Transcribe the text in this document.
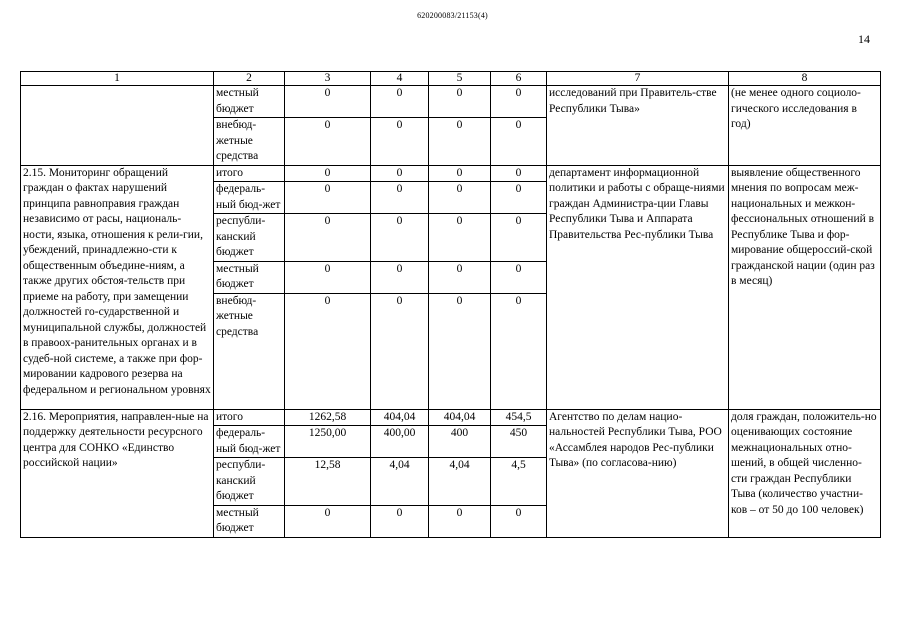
620200083/21153(4)
14
1	2	3	4	5	6	7	8
	местный бюджет	0	0	0	0	исследований при Правитель-стве Республики Тыва»	(не менее одного социоло-гического исследования в год)
	внебюд-жетные средства	0	0	0	0		
2.15. Мониторинг обращений граждан о фактах нарушений принципа равноправия граждан независимо от расы, националь-ности, языка, отношения к рели-гии, убеждений, принадлежно-сти к общественным объедине-ниям, а также других обстоя-тельств при приеме на работу, при замещении должностей го-сударственной и муниципальной службы, должностей в правоох-ранительных органах и в судеб-ной системе, а также при фор-мировании кадрового резерва на федеральном и региональном уровнях	итого	0	0	0	0	департамент информационной политики и работы с обраще-ниями граждан Администра-ции Главы Республики Тыва и Аппарата Правительства Рес-публики Тыва	выявление общественного мнения по вопросам меж-национальных и межкон-фессиональных отношений в Республике Тыва и фор-мирование общероссий-ской гражданской нации (один раз в месяц)
	федераль-ный бюд-жет	0	0	0	0		
	республи-канский бюджет	0	0	0	0		
	местный бюджет	0	0	0	0		
	внебюд-жетные средства	0	0	0	0		
2.16. Мероприятия, направлен-ные на поддержку деятельности ресурсного центра для СОНКО «Единство российской нации»	итого	1262,58	404,04	404,04	454,5	Агентство по делам нацио-нальностей Республики Тыва, РОО «Ассамблея народов Рес-публики Тыва» (по согласова-нию)	доля граждан, положитель-но оценивающих состояние межнациональных отно-шений, в общей численно-сти граждан Республики Тыва (количество участни-ков – от 50 до 100 человек)
	федераль-ный бюд-жет	1250,00	400,00	400	450		
	республи-канский бюджет	12,58	4,04	4,04	4,5		
	местный бюджет	0	0	0	0		
